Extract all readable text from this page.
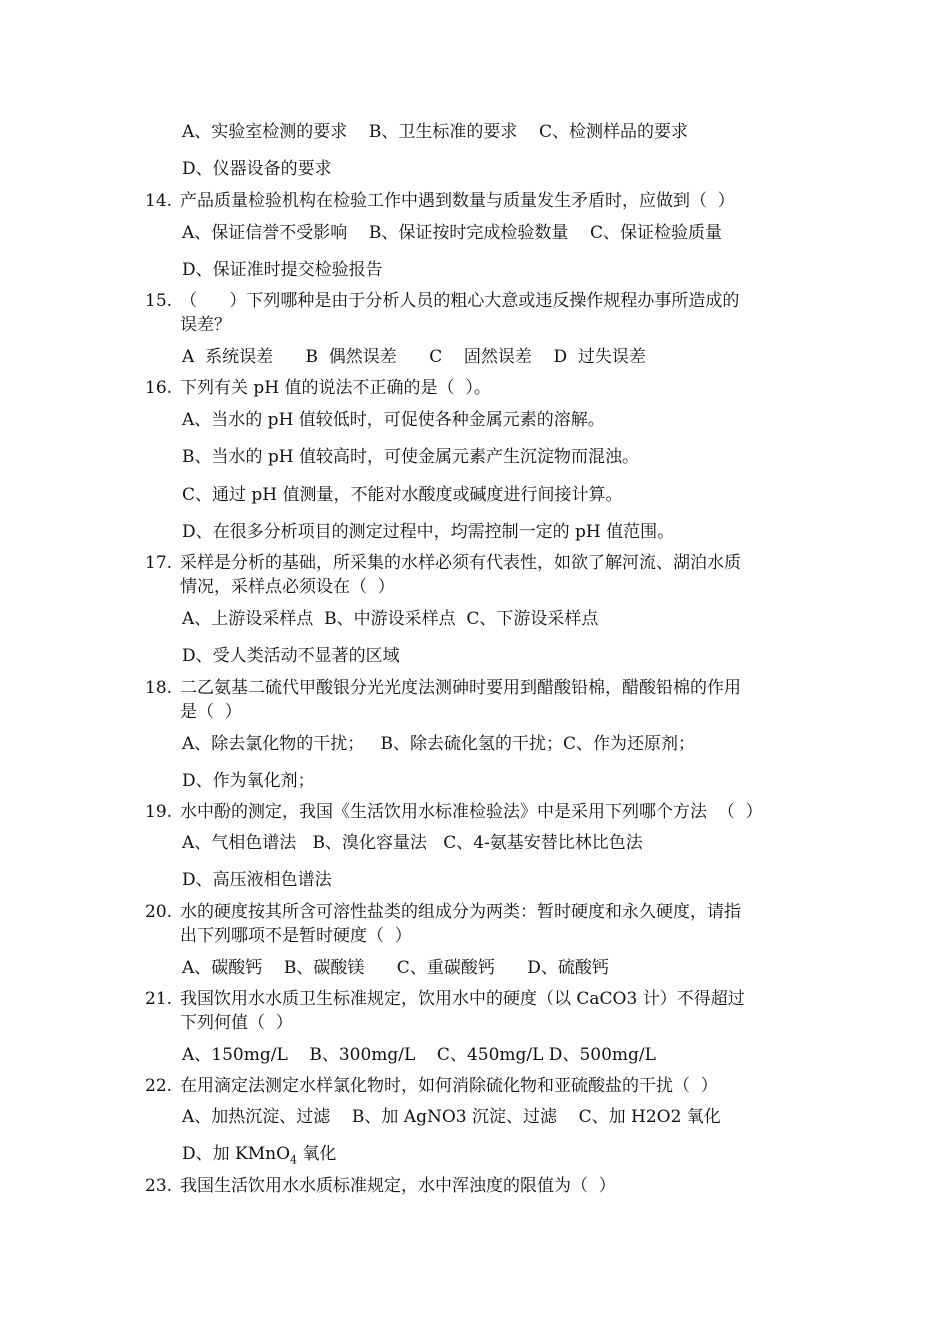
A、实验室检测的要求    B、卫生标准的要求    C、检测样品的要求
D、仪器设备的要求
14. 产品质量检验机构在检验工作中遇到数量与质量发生矛盾时，应做到（  ）
A、保证信誉不受影响    B、保证按时完成检验数量    C、保证检验质量
D、保证准时提交检验报告
15. （      ）下列哪种是由于分析人员的粗心大意或违反操作规程办事所造成的
误差？
A  系统误差      B  偶然误差      C    固然误差    D  过失误差
16. 下列有关 pH 值的说法不正确的是（  ）。
A、当水的 pH 值较低时，可促使各种金属元素的溶解。
B、当水的 pH 值较高时，可使金属元素产生沉淀物而混浊。
C、通过 pH 值测量，不能对水酸度或碱度进行间接计算。
D、在很多分析项目的测定过程中，均需控制一定的 pH 值范围。
17. 采样是分析的基础，所采集的水样必须有代表性，如欲了解河流、湖泊水质
情况，采样点必须设在（  ）
A、上游设采样点  B、中游设采样点  C、下游设采样点
D、受人类活动不显著的区域
18. 二乙氨基二硫代甲酸银分光光度法测砷时要用到醋酸铅棉，醋酸铅棉的作用
是（  ）
A、除去氯化物的干扰；   B、除去硫化氢的干扰；C、作为还原剂；
D、作为氧化剂；
19. 水中酚的测定，我国《生活饮用水标准检验法》中是采用下列哪个方法  （  ）
A、气相色谱法   B、溴化容量法   C、4-氨基安替比林比色法
D、高压液相色谱法
20. 水的硬度按其所含可溶性盐类的组成分为两类：暂时硬度和永久硬度，请指
出下列哪项不是暂时硬度（  ）
A、碳酸钙    B、碳酸镁      C、重碳酸钙      D、硫酸钙
21. 我国饮用水水质卫生标准规定，饮用水中的硬度（以 CaCO3 计）不得超过
下列何值（  ）
A、150mg/L    B、300mg/L    C、450mg/L D、500mg/L
22. 在用滴定法测定水样氯化物时，如何消除硫化物和亚硫酸盐的干扰（  ）
A、加热沉淀、过滤    B、加 AgNO3 沉淀、过滤    C、加 H2O2 氧化
D、加 KMnO$_4$ 氧化
23. 我国生活饮用水水质标准规定，水中浑浊度的限值为（  ）
